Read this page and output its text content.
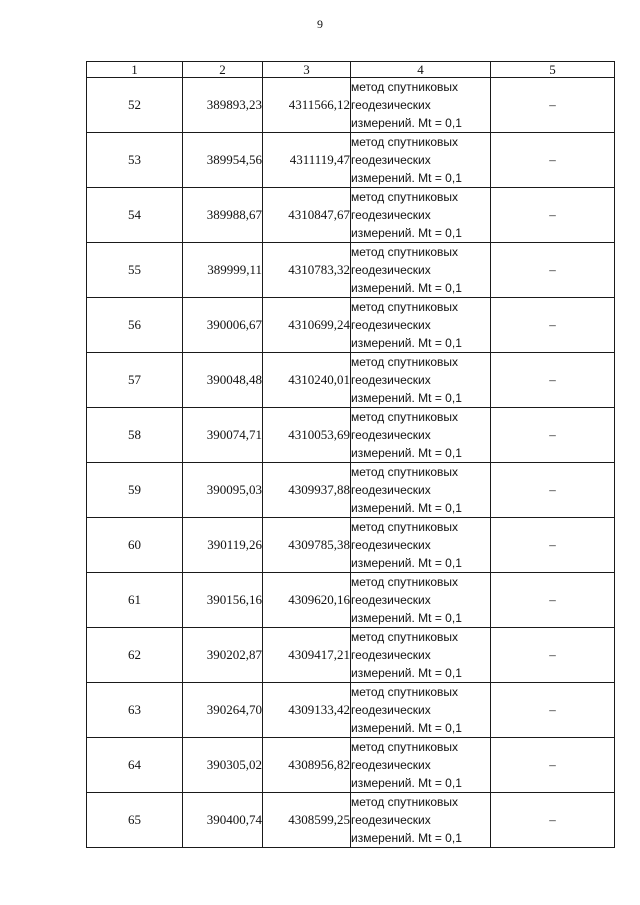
9
1	2	3	4	5
52	389893,23	4311566,12	метод спутниковых
геодезических
измерений. Mt = 0,1	–
53	389954,56	4311119,47	метод спутниковых
геодезических
измерений. Mt = 0,1	–
54	389988,67	4310847,67	метод спутниковых
геодезических
измерений. Mt = 0,1	–
55	389999,11	4310783,32	метод спутниковых
геодезических
измерений. Mt = 0,1	–
56	390006,67	4310699,24	метод спутниковых
геодезических
измерений. Mt = 0,1	–
57	390048,48	4310240,01	метод спутниковых
геодезических
измерений. Mt = 0,1	–
58	390074,71	4310053,69	метод спутниковых
геодезических
измерений. Mt = 0,1	–
59	390095,03	4309937,88	метод спутниковых
геодезических
измерений. Mt = 0,1	–
60	390119,26	4309785,38	метод спутниковых
геодезических
измерений. Mt = 0,1	–
61	390156,16	4309620,16	метод спутниковых
геодезических
измерений. Mt = 0,1	–
62	390202,87	4309417,21	метод спутниковых
геодезических
измерений. Mt = 0,1	–
63	390264,70	4309133,42	метод спутниковых
геодезических
измерений. Mt = 0,1	–
64	390305,02	4308956,82	метод спутниковых
геодезических
измерений. Mt = 0,1	–
65	390400,74	4308599,25	метод спутниковых
геодезических
измерений. Mt = 0,1	–
